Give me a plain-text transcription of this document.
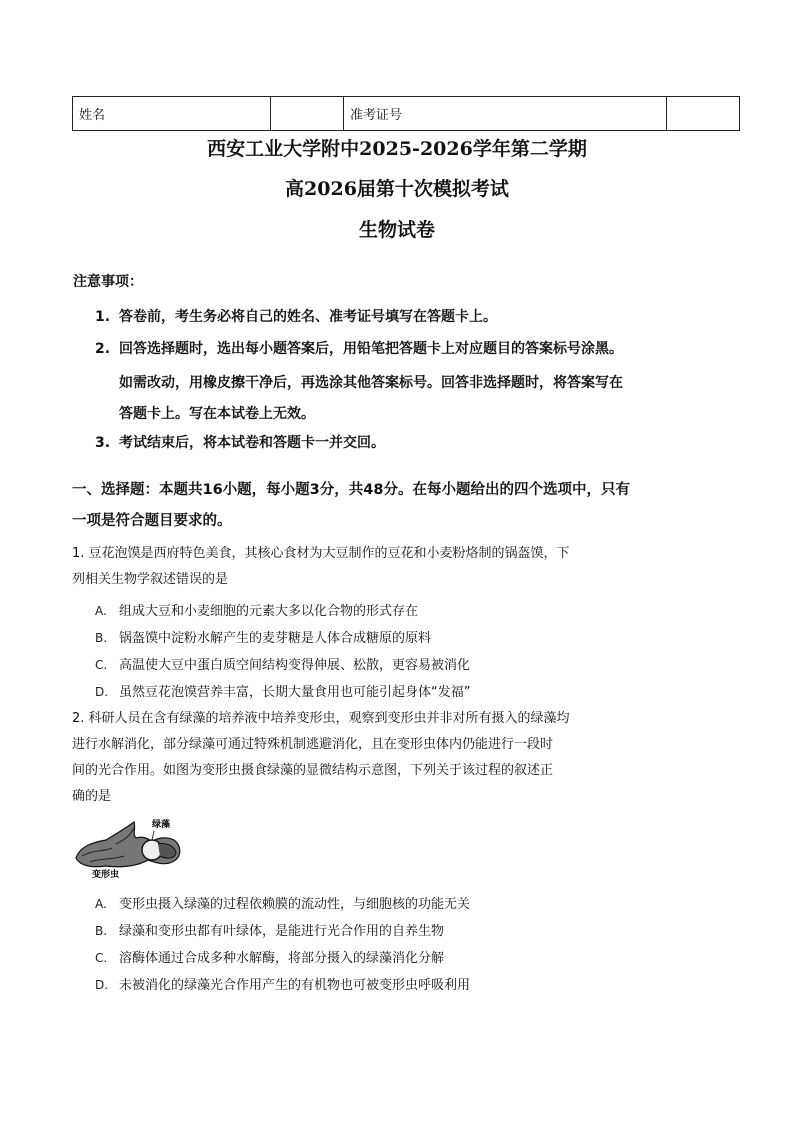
姓名		准考证号	
西安工业大学附中2025-2026学年第二学期
高2026届第十次模拟考试
生物试卷
注意事项：
1. 答卷前，考生务必将自己的姓名、准考证号填写在答题卡上。
2. 回答选择题时，选出每小题答案后，用铅笔把答题卡上对应题目的答案标号涂黑。
如需改动，用橡皮擦干净后，再选涂其他答案标号。回答非选择题时，将答案写在
答题卡上。写在本试卷上无效。
3. 考试结束后，将本试卷和答题卡一并交回。
一、选择题：本题共16小题，每小题3分，共48分。在每小题给出的四个选项中，只有
一项是符合题目要求的。
1. 豆花泡馍是西府特色美食，其核心食材为大豆制作的豆花和小麦粉烙制的锅盔馍，下
列相关生物学叙述错误的是
A. 组成大豆和小麦细胞的元素大多以化合物的形式存在
B. 锅盔馍中淀粉水解产生的麦芽糖是人体合成糖原的原料
C. 高温使大豆中蛋白质空间结构变得伸展、松散，更容易被消化
D. 虽然豆花泡馍营养丰富，长期大量食用也可能引起身体“发福”
2. 科研人员在含有绿藻的培养液中培养变形虫，观察到变形虫并非对所有摄入的绿藻均
进行水解消化，部分绿藻可通过特殊机制逃避消化，且在变形虫体内仍能进行一段时
间的光合作用。如图为变形虫摄食绿藻的显微结构示意图，下列关于该过程的叙述正
确的是
绿藻
变形虫
A. 变形虫摄入绿藻的过程依赖膜的流动性，与细胞核的功能无关
B. 绿藻和变形虫都有叶绿体，是能进行光合作用的自养生物
C. 溶酶体通过合成多种水解酶，将部分摄入的绿藻消化分解
D. 未被消化的绿藻光合作用产生的有机物也可被变形虫呼吸利用
